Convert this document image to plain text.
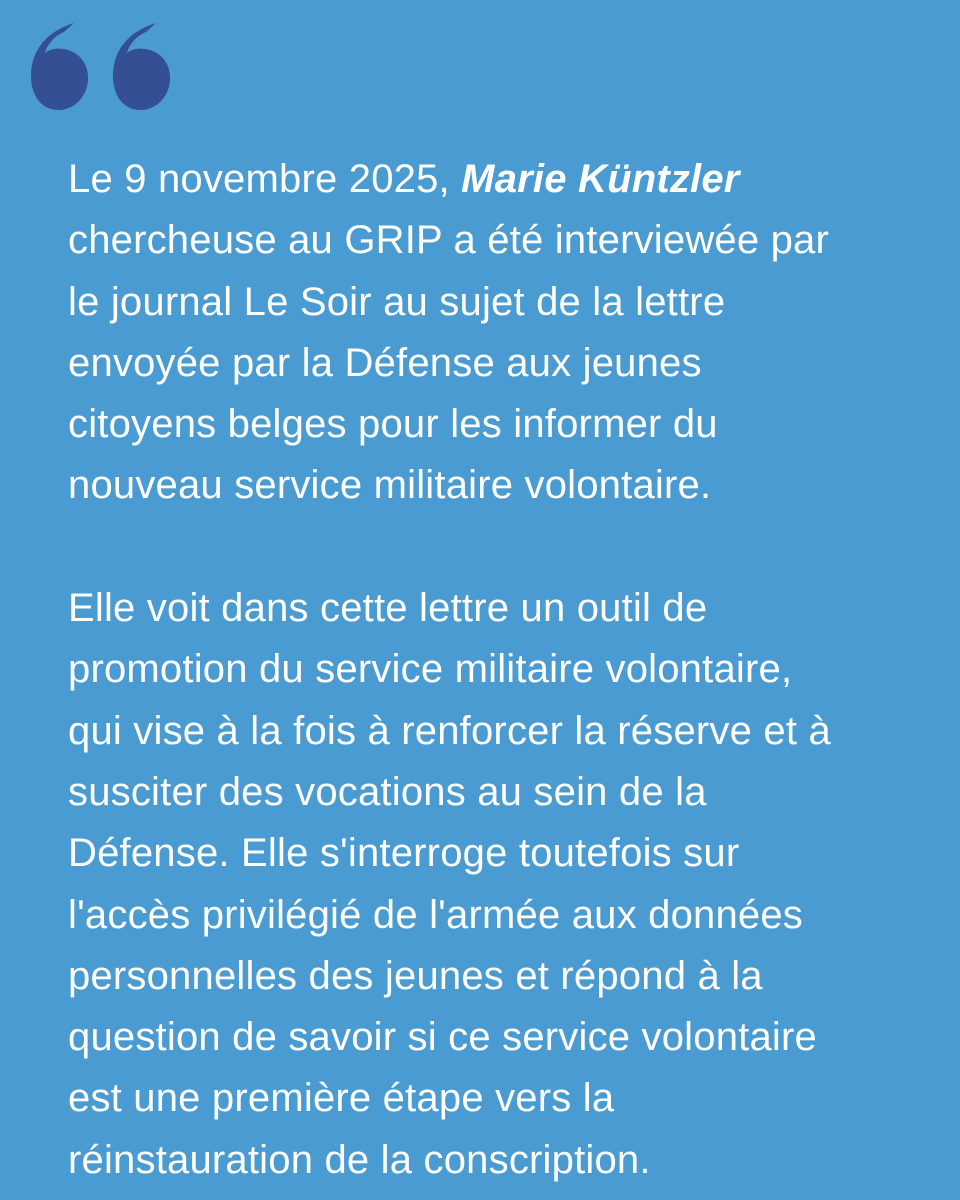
Le 9 novembre 2025, Marie Küntzler
chercheuse au GRIP a été interviewée par
le journal Le Soir au sujet de la lettre
envoyée par la Défense aux jeunes
citoyens belges pour les informer du
nouveau service militaire volontaire.
Elle voit dans cette lettre un outil de
promotion du service militaire volontaire,
qui vise à la fois à renforcer la réserve et à
susciter des vocations au sein de la
Défense. Elle s'interroge toutefois sur
l'accès privilégié de l'armée aux données
personnelles des jeunes et répond à la
question de savoir si ce service volontaire
est une première étape vers la
réinstauration de la conscription.
